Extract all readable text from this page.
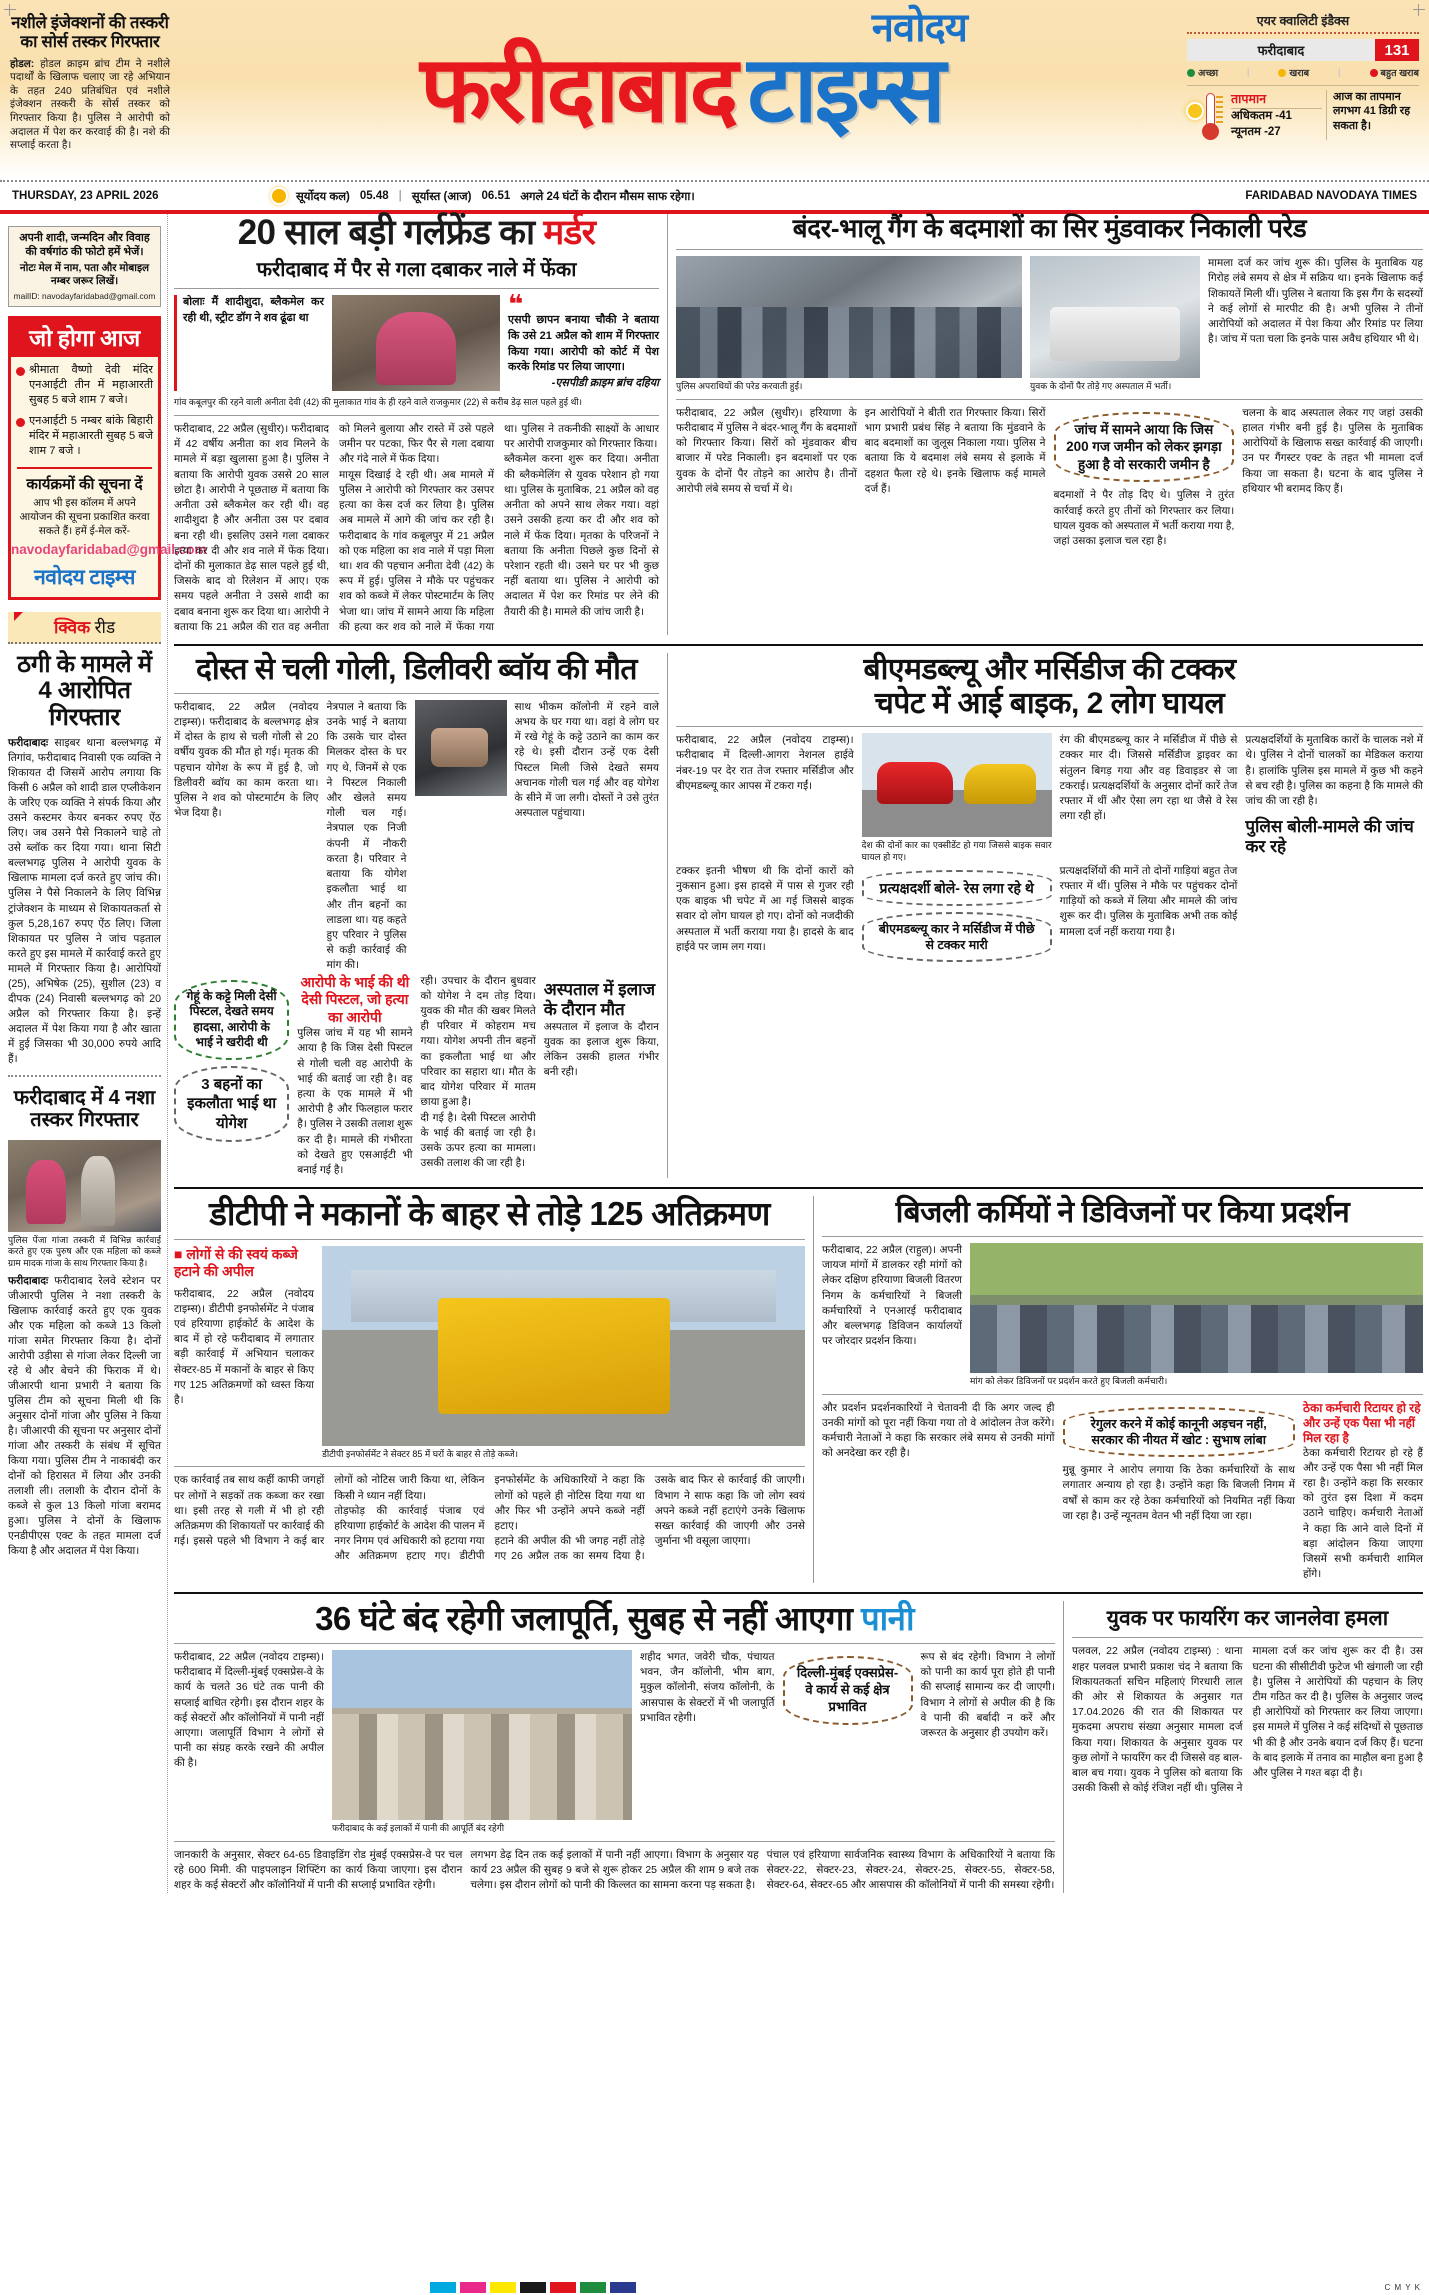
नशीले इंजेक्शनों की तस्करी का सोर्स तस्कर गिरफ्तार

होडल: होडल क्राइम ब्रांच टीम ने नशीले पदार्थों के खिलाफ चलाए जा रहे अभियान के तहत 240 प्रतिबंधित एवं नशीले इंजेक्शन तस्करी के सोर्स तस्कर को गिरफ्तार किया है। पुलिस ने आरोपी को अदालत में पेश कर करवाई की है। नशे की सप्लाई करता है।

नवोदय
फरीदाबाद टाइम्स
एयर क्वालिटी इंडैक्स
फरीदाबाद	131
अच्छा	|	खराब	|	बहुत खराब
तापमान
अधिकतम -41
न्यूनतम -27
आज का तापमान लगभग 41 डिग्री रह सकता है।
THURSDAY, 23 APRIL 2026	सूर्योदय कल) 05.48 | सूर्यास्त (आज) 06.51 अगले 24 घंटों के दौरान मौसम साफ रहेगा।	FARIDABAD NAVODAYA TIMES
अपनी शादी, जन्मदिन और विवाह की वर्षगांठ की फोटो हमें भेजें।
नोटः मेल में नाम, पता और मोबाइल नम्बर जरूर लिखें।
mailID: navodayfaridabad@gmail.com
जो होगा आज
श्रीमाता वैष्णो देवी मंदिर एनआईटी तीन में महाआरती सुबह 5 बजे शाम 7 बजे।
एनआईटी 5 नम्बर बांके बिहारी मंदिर में महाआरती सुबह 5 बजे शाम 7 बजे ।
कार्यक्रमों की सूचना दें
आप भी इस कॉलम में अपने आयोजन की सूचना प्रकाशित करवा सकते हैं। हमें ई-मेल करें-
navodayfaridabad@gmail.com
नवोदय टाइम्स
क्विक रीड
ठगी के मामले में 4 आरोपित गिरफ्तार
फरीदाबादः साइबर थाना बल्लभगढ़ में तिगांव, फरीदाबाद निवासी एक व्यक्ति ने शिकायत दी जिसमें आरोप लगाया कि किसी 6 अप्रैल को शादी डाल एप्लीकेशन के जरिए एक व्यक्ति ने संपर्क किया और उसने कस्टमर केयर बनकर रुपए ऐंठ लिए। जब उसने पैसे निकालने चाहे तो उसे ब्लॉक कर दिया गया। थाना सिटी बल्लभगढ़ पुलिस ने आरोपी युवक के खिलाफ मामला दर्ज करते हुए जांच की। पुलिस ने पैसे निकालने के लिए विभिन्न ट्रांजेक्शन के माध्यम से शिकायतकर्ता से कुल 5,28,167 रुपए ऐंठ लिए। जिला शिकायत पर पुलिस ने जांच पड़ताल करते हुए इस मामले में कार्रवाई करते हुए मामले में गिरफ्तार किया है। आरोपियों (25), अभिषेक (25), सुशील (23) व दीपक (24) निवासी बल्लभगढ़ को 20 अप्रैल को गिरफ्तार किया है। इन्हें अदालत में पेश किया गया है और खाता में हुई जिसका भी 30,000 रुपये आदि हैं।
फरीदाबाद में 4 नशा तस्कर गिरफ्तार
पुलिस पेंजा गांजा तस्करी में विभिन्न कार्रवाई करते हुए एक पुरुष और एक महिला को कब्जे ग्राम मादक गांजा के साथ गिरफ्तार किया है।
फरीदाबादः फरीदाबाद रेलवे स्टेशन पर जीआरपी पुलिस ने नशा तस्करी के खिलाफ कार्रवाई करते हुए एक युवक और एक महिला को कब्जे 13 किलो गांजा समेत गिरफ्तार किया है। दोनों आरोपी उड़ीसा से गांजा लेकर दिल्ली जा रहे थे और बेचने की फिराक में थे। जीआरपी थाना प्रभारी ने बताया कि पुलिस टीम को सूचना मिली थी कि अनुसार दोनों गांजा और पुलिस ने किया है। जीआरपी की सूचना पर अनुसार दोनों गांजा और तस्करी के संबंध में सूचित किया गया। पुलिस टीम ने नाकाबंदी कर दोनों को हिरासत में लिया और उनकी तलाशी ली। तलाशी के दौरान दोनों के कब्जे से कुल 13 किलो गांजा बरामद हुआ। पुलिस ने दोनों के खिलाफ एनडीपीएस एक्ट के तहत मामला दर्ज किया है और अदालत में पेश किया।
20 साल बड़ी गर्लफ्रेंड का मर्डर
फरीदाबाद में पैर से गला दबाकर नाले में फेंका
बोलाः मैं शादीशुदा, ब्लैकमेल कर रही थी, स्ट्रीट डॉग ने शव ढूंढा था	❝
एसपी छापन बनाया चौकी ने बताया कि उसे 21 अप्रैल को शाम में गिरफ्तार किया गया। आरोपी को कोर्ट में पेश करके रिमांड पर लिया जाएगा।
-एसपीडी क्राइम ब्रांच दहिया
गांव कबूलपुर की रहने वाली अनीता देवी (42) की मुलाकात गांव के ही रहने वाले राजकुमार (22) से करीब डेढ़ साल पहले हुई थी।

फरीदाबाद, 22 अप्रैल (सुधीर)। फरीदाबाद में 42 वर्षीय अनीता का शव मिलने के मामले में बड़ा खुलासा हुआ है। पुलिस ने बताया कि आरोपी युवक उससे 20 साल छोटा है। आरोपी ने पूछताछ में बताया कि अनीता उसे ब्लैकमेल कर रही थी। वह शादीशुदा है और अनीता उस पर दबाव बना रही थी। इसलिए उसने गला दबाकर हत्या कर दी और शव नाले में फेंक दिया। दोनों की मुलाकात डेढ़ साल पहले हुई थी, जिसके बाद वो रिलेशन में आए। एक समय पहले अनीता ने उससे शादी का दबाव बनाना शुरू कर दिया था। आरोपी ने बताया कि 21 अप्रैल की रात वह अनीता को मिलने बुलाया और रास्ते में उसे पहले जमीन पर पटका, फिर पैर से गला दबाया और गंदे नाले में फेंक दिया।

मायूस दिखाई दे रही थी। अब मामले में पुलिस ने आरोपी को गिरफ्तार कर उसपर हत्या का केस दर्ज कर लिया है। पुलिस अब मामले में आगे की जांच कर रही है। फरीदाबाद के गांव कबूलपुर में 21 अप्रैल को एक महिला का शव नाले में पड़ा मिला था। शव की पहचान अनीता देवी (42) के रूप में हुई। पुलिस ने मौके पर पहुंचकर शव को कब्जे में लेकर पोस्टमार्टम के लिए भेजा था। जांच में सामने आया कि महिला की हत्या कर शव को नाले में फेंका गया था। पुलिस ने तकनीकी साक्ष्यों के आधार पर आरोपी राजकुमार को गिरफ्तार किया।

ब्लैकमेल करना शुरू कर दिया। अनीता की ब्लैकमेलिंग से युवक परेशान हो गया था। पुलिस के मुताबिक, 21 अप्रैल को वह अनीता को अपने साथ लेकर गया। वहां उसने उसकी हत्या कर दी और शव को नाले में फेंक दिया। मृतका के परिजनों ने बताया कि अनीता पिछले कुछ दिनों से परेशान रहती थी। उसने घर पर भी कुछ नहीं बताया था। पुलिस ने आरोपी को अदालत में पेश कर रिमांड पर लेने की तैयारी की है। मामले की जांच जारी है।

बंदर-भालू गैंग के बदमाशों का सिर मुंडवाकर निकाली परेड
पुलिस अपराधियों की परेड करवाती हुई।	युवक के दोनों पैर तोड़े गए अस्पताल में भर्ती।

मामला दर्ज कर जांच शुरू की। पुलिस के मुताबिक यह गिरोह लंबे समय से क्षेत्र में सक्रिय था। इनके खिलाफ कई शिकायतें मिली थीं। पुलिस ने बताया कि इस गैंग के सदस्यों ने कई लोगों से मारपीट की है। अभी पुलिस ने तीनों आरोपियों को अदालत में पेश किया और रिमांड पर लिया है। जांच में पता चला कि इनके पास अवैध हथियार भी थे।

फरीदाबाद, 22 अप्रैल (सुधीर)। हरियाणा के फरीदाबाद में पुलिस ने बंदर-भालू गैंग के बदमाशों को गिरफ्तार किया। सिरों को मुंडवाकर बीच बाजार में परेड निकाली। इन बदमाशों पर एक युवक के दोनों पैर तोड़ने का आरोप है। तीनों आरोपी लंबे समय से चर्चा में थे।

इन आरोपियों ने बीती रात गिरफ्तार किया। सिरों भाग प्रभारी प्रबंध सिंह ने बताया कि मुंडवाने के बाद बदमाशों का जुलूस निकाला गया। पुलिस ने बताया कि ये बदमाश लंबे समय से इलाके में दहशत फैला रहे थे। इनके खिलाफ कई मामले दर्ज हैं।

जांच में सामने आया कि जिस 200 गज जमीन को लेकर झगड़ा हुआ है वो सरकारी जमीन है

बदमाशों ने पैर तोड़ दिए थे। पुलिस ने तुरंत कार्रवाई करते हुए तीनों को गिरफ्तार कर लिया। घायल युवक को अस्पताल में भर्ती कराया गया है, जहां उसका इलाज चल रहा है।

चलना के बाद अस्पताल लेकर गए जहां उसकी हालत गंभीर बनी हुई है। पुलिस के मुताबिक आरोपियों के खिलाफ सख्त कार्रवाई की जाएगी। उन पर गैंगस्टर एक्ट के तहत भी मामला दर्ज किया जा सकता है। घटना के बाद पुलिस ने हथियार भी बरामद किए हैं।

दोस्त से चली गोली, डिलीवरी ब्वॉय की मौत

फरीदाबाद, 22 अप्रैल (नवोदय टाइम्स)। फरीदाबाद के बल्लभगढ़ क्षेत्र में दोस्त के हाथ से चली गोली से 20 वर्षीय युवक की मौत हो गई। मृतक की पहचान योगेश के रूप में हुई है, जो डिलीवरी ब्वॉय का काम करता था। पुलिस ने शव को पोस्टमार्टम के लिए भेज दिया है।

नेत्रपाल ने बताया कि उनके भाई ने बताया कि उसके चार दोस्त मिलकर दोस्त के घर गए थे, जिनमें से एक ने पिस्टल निकाली और खेलते समय गोली चल गई। नेत्रपाल एक निजी कंपनी में नौकरी करता है। परिवार ने बताया कि योगेश इकलौता भाई था और तीन बहनों का लाडला था। यह कहते हुए परिवार ने पुलिस से कड़ी कार्रवाई की मांग की।

साथ भीकम कॉलोनी में रहने वाले अभय के घर गया था। वहां वे लोग घर में रखे गेहूं के कट्टे उठाने का काम कर रहे थे। इसी दौरान उन्हें एक देसी पिस्टल मिली जिसे देखते समय अचानक गोली चल गई और वह योगेश के सीने में जा लगी। दोस्तों ने उसे तुरंत अस्पताल पहुंचाया।

गेहूं के कट्टे मिली देसी पिस्टल, देखते समय हादसा, आरोपी के भाई ने खरीदी थी
3 बहनों का इकलौता भाई था योगेश
आरोपी के भाई की थी देसी पिस्टल, जो हत्या का आरोपी

पुलिस जांच में यह भी सामने आया है कि जिस देसी पिस्टल से गोली चली वह आरोपी के भाई की बताई जा रही है। वह हत्या के एक मामले में भी आरोपी है और फिलहाल फरार है। पुलिस ने उसकी तलाश शुरू कर दी है। मामले की गंभीरता को देखते हुए एसआईटी भी बनाई गई है।

रही। उपचार के दौरान बुधवार को योगेश ने दम तोड़ दिया। युवक की मौत की खबर मिलते ही परिवार में कोहराम मच गया। योगेश अपनी तीन बहनों का इकलौता भाई था और परिवार का सहारा था। मौत के बाद योगेश परिवार में मातम छाया हुआ है।

दी गई है। देसी पिस्टल आरोपी के भाई की बताई जा रही है। उसके ऊपर हत्या का मामला। उसकी तलाश की जा रही है।

अस्पताल में इलाज के दौरान मौत

अस्पताल में इलाज के दौरान युवक का इलाज शुरू किया, लेकिन उसकी हालत गंभीर बनी रही।

बीएमडब्ल्यू और मर्सिडीज की टक्कर
चपेट में आई बाइक, 2 लोग घायल

फरीदाबाद, 22 अप्रैल (नवोदय टाइम्स)। फरीदाबाद में दिल्ली-आगरा नेशनल हाईवे नंबर-19 पर देर रात तेज रफ्तार मर्सिडीज और बीएमडब्ल्यू कार आपस में टकरा गईं।

देश की दोनों कार का एक्सीडेंट हो गया जिससे बाइक सवार घायल हो गए।

रंग की बीएमडब्ल्यू कार ने मर्सिडीज में पीछे से टक्कर मार दी। जिससे मर्सिडीज ड्राइवर का संतुलन बिगड़ गया और वह डिवाइडर से जा टकराई। प्रत्यक्षदर्शियों के अनुसार दोनों कारें तेज रफ्तार में थीं और ऐसा लग रहा था जैसे वे रेस लगा रही हों।

प्रत्यक्षदर्शियों के मुताबिक कारों के चालक नशे में थे। पुलिस ने दोनों चालकों का मेडिकल कराया है। हालांकि पुलिस इस मामले में कुछ भी कहने से बच रही है। पुलिस का कहना है कि मामले की जांच की जा रही है।

पुलिस बोली-मामले की जांच कर रहे

टक्कर इतनी भीषण थी कि दोनों कारों को नुकसान हुआ। इस हादसे में पास से गुजर रही एक बाइक भी चपेट में आ गई जिससे बाइक सवार दो लोग घायल हो गए। दोनों को नजदीकी अस्पताल में भर्ती कराया गया है। हादसे के बाद हाईवे पर जाम लग गया।

प्रत्यक्षदर्शी बोले- रेस लगा रहे थे
बीएमडब्ल्यू कार ने मर्सिडीज में पीछे से टक्कर मारी

प्रत्यक्षदर्शियों की मानें तो दोनों गाड़ियां बहुत तेज रफ्तार में थीं। पुलिस ने मौके पर पहुंचकर दोनों गाड़ियों को कब्जे में लिया और मामले की जांच शुरू कर दी। पुलिस के मुताबिक अभी तक कोई मामला दर्ज नहीं कराया गया है।

डीटीपी ने मकानों के बाहर से तोड़े 125 अतिक्रमण
■ लोगों से की स्वयं कब्जे हटाने की अपील

फरीदाबाद, 22 अप्रैल (नवोदय टाइम्स)। डीटीपी इनफोर्समेंट ने पंजाब एवं हरियाणा हाईकोर्ट के आदेश के बाद में हो रहे फरीदाबाद में लगातार बड़ी कार्रवाई में अभियान चलाकर सेक्टर-85 में मकानों के बाहर से किए गए 125 अतिक्रमणों को ध्वस्त किया है।

डीटीपी इनफोर्समेंट ने सेक्टर 85 में घरों के बाहर से तोड़े कब्जे।

एक कार्रवाई तब साथ कहीं काफी जगहों पर लोगों ने सड़कों तक कब्जा कर रखा था। इसी तरह से गली में भी हो रही अतिक्रमण की शिकायतों पर कार्रवाई की गई। इससे पहले भी विभाग ने कई बार लोगों को नोटिस जारी किया था, लेकिन किसी ने ध्यान नहीं दिया।

तोड़फोड़ की कार्रवाई पंजाब एवं हरियाणा हाईकोर्ट के आदेश की पालन में नगर निगम एवं अधिकारी को हटाया गया और अतिक्रमण हटाए गए। डीटीपी इनफोर्समेंट के अधिकारियों ने कहा कि लोगों को पहले ही नोटिस दिया गया था और फिर भी उन्होंने अपने कब्जे नहीं हटाए।

हटाने की अपील की भी जगह नहीं तोड़े गए 26 अप्रैल तक का समय दिया है। उसके बाद फिर से कार्रवाई की जाएगी। विभाग ने साफ कहा कि जो लोग स्वयं अपने कब्जे नहीं हटाएंगे उनके खिलाफ सख्त कार्रवाई की जाएगी और उनसे जुर्माना भी वसूला जाएगा।

बिजली कर्मियों ने डिविजनों पर किया प्रदर्शन

फरीदाबाद, 22 अप्रैल (राहुल)। अपनी जायज मांगों में डालकर रही मांगों को लेकर दक्षिण हरियाणा बिजली वितरण निगम के कर्मचारियों ने बिजली कर्मचारियों ने एनआरई फरीदाबाद और बल्लभगढ़ डिविजन कार्यालयों पर जोरदार प्रदर्शन किया।

मांग को लेकर डिविजनों पर प्रदर्शन करते हुए बिजली कर्मचारी।

और प्रदर्शन प्रदर्शनकारियों ने चेतावनी दी कि अगर जल्द ही उनकी मांगों को पूरा नहीं किया गया तो वे आंदोलन तेज करेंगे। कर्मचारी नेताओं ने कहा कि सरकार लंबे समय से उनकी मांगों को अनदेखा कर रही है।

रेगुलर करने में कोई कानूनी अड़चन नहीं, सरकार की नीयत में खोट : सुभाष लांबा

मुन्नू कुमार ने आरोप लगाया कि ठेका कर्मचारियों के साथ लगातार अन्याय हो रहा है। उन्होंने कहा कि बिजली निगम में वर्षों से काम कर रहे ठेका कर्मचारियों को नियमित नहीं किया जा रहा है। उन्हें न्यूनतम वेतन भी नहीं दिया जा रहा।

ठेका कर्मचारी रिटायर हो रहे और उन्हें एक पैसा भी नहीं मिल रहा है

ठेका कर्मचारी रिटायर हो रहे हैं और उन्हें एक पैसा भी नहीं मिल रहा है। उन्होंने कहा कि सरकार को तुरंत इस दिशा में कदम उठाने चाहिए। कर्मचारी नेताओं ने कहा कि आने वाले दिनों में बड़ा आंदोलन किया जाएगा जिसमें सभी कर्मचारी शामिल होंगे।

36 घंटे बंद रहेगी जलापूर्ति, सुबह से नहीं आएगा पानी

फरीदाबाद, 22 अप्रैल (नवोदय टाइम्स)। फरीदाबाद में दिल्ली-मुंबई एक्सप्रेस-वे के कार्य के चलते 36 घंटे तक पानी की सप्लाई बाधित रहेगी। इस दौरान शहर के कई सेक्टरों और कॉलोनियों में पानी नहीं आएगा। जलापूर्ति विभाग ने लोगों से पानी का संग्रह करके रखने की अपील की है।

फरीदाबाद के कई इलाकों में पानी की आपूर्ति बंद रहेगी

शहीद भगत, जवेरी चौक, पंचायत भवन, जैन कॉलोनी, भीम बाग, मुकुल कॉलोनी, संजय कॉलोनी, के आसपास के सेक्टरों में भी जलापूर्ति प्रभावित रहेगी।

दिल्ली-मुंबई एक्सप्रेस-वे कार्य से कई क्षेत्र प्रभावित

रूप से बंद रहेगी। विभाग ने लोगों को पानी का कार्य पूरा होते ही पानी की सप्लाई सामान्य कर दी जाएगी। विभाग ने लोगों से अपील की है कि वे पानी की बर्बादी न करें और जरूरत के अनुसार ही उपयोग करें।

जानकारी के अनुसार, सेक्टर 64-65 डिवाइडिंग रोड मुंबई एक्सप्रेस-वे पर चल रहे 600 मिमी. की पाइपलाइन शिफ्टिंग का कार्य किया जाएगा। इस दौरान शहर के कई सेक्टरों और कॉलोनियों में पानी की सप्लाई प्रभावित रहेगी।

लगभग डेढ़ दिन तक कई इलाकों में पानी नहीं आएगा। विभाग के अनुसार यह कार्य 23 अप्रैल की सुबह 9 बजे से शुरू होकर 25 अप्रैल की शाम 9 बजे तक चलेगा। इस दौरान लोगों को पानी की किल्लत का सामना करना पड़ सकता है।

पंचाल एवं हरियाणा सार्वजनिक स्वास्थ्य विभाग के अधिकारियों ने बताया कि सेक्टर-22, सेक्टर-23, सेक्टर-24, सेक्टर-25, सेक्टर-55, सेक्टर-58, सेक्टर-64, सेक्टर-65 और आसपास की कॉलोनियों में पानी की समस्या रहेगी।

युवक पर फायरिंग कर जानलेवा हमला

पलवल, 22 अप्रैल (नवोदय टाइम्स) : थाना शहर पलवल प्रभारी प्रकाश चंद ने बताया कि शिकायतकर्ता सचिन महिलाएं गिरधारी लाल की ओर से शिकायत के अनुसार गत 17.04.2026 की रात की शिकायत पर मुकदमा अपराध संख्या अनुसार मामला दर्ज किया गया। शिकायत के अनुसार युवक पर कुछ लोगों ने फायरिंग कर दी जिससे वह बाल-बाल बच गया। युवक ने पुलिस को बताया कि उसकी किसी से कोई रंजिश नहीं थी। पुलिस ने मामला दर्ज कर जांच शुरू कर दी है। उस घटना की सीसीटीवी फुटेज भी खंगाली जा रही है। पुलिस ने आरोपियों की पहचान के लिए टीम गठित कर दी है। पुलिस के अनुसार जल्द ही आरोपियों को गिरफ्तार कर लिया जाएगा। इस मामले में पुलिस ने कई संदिग्धों से पूछताछ भी की है और उनके बयान दर्ज किए हैं। घटना के बाद इलाके में तनाव का माहौल बना हुआ है और पुलिस ने गश्त बढ़ा दी है।

C M Y K
